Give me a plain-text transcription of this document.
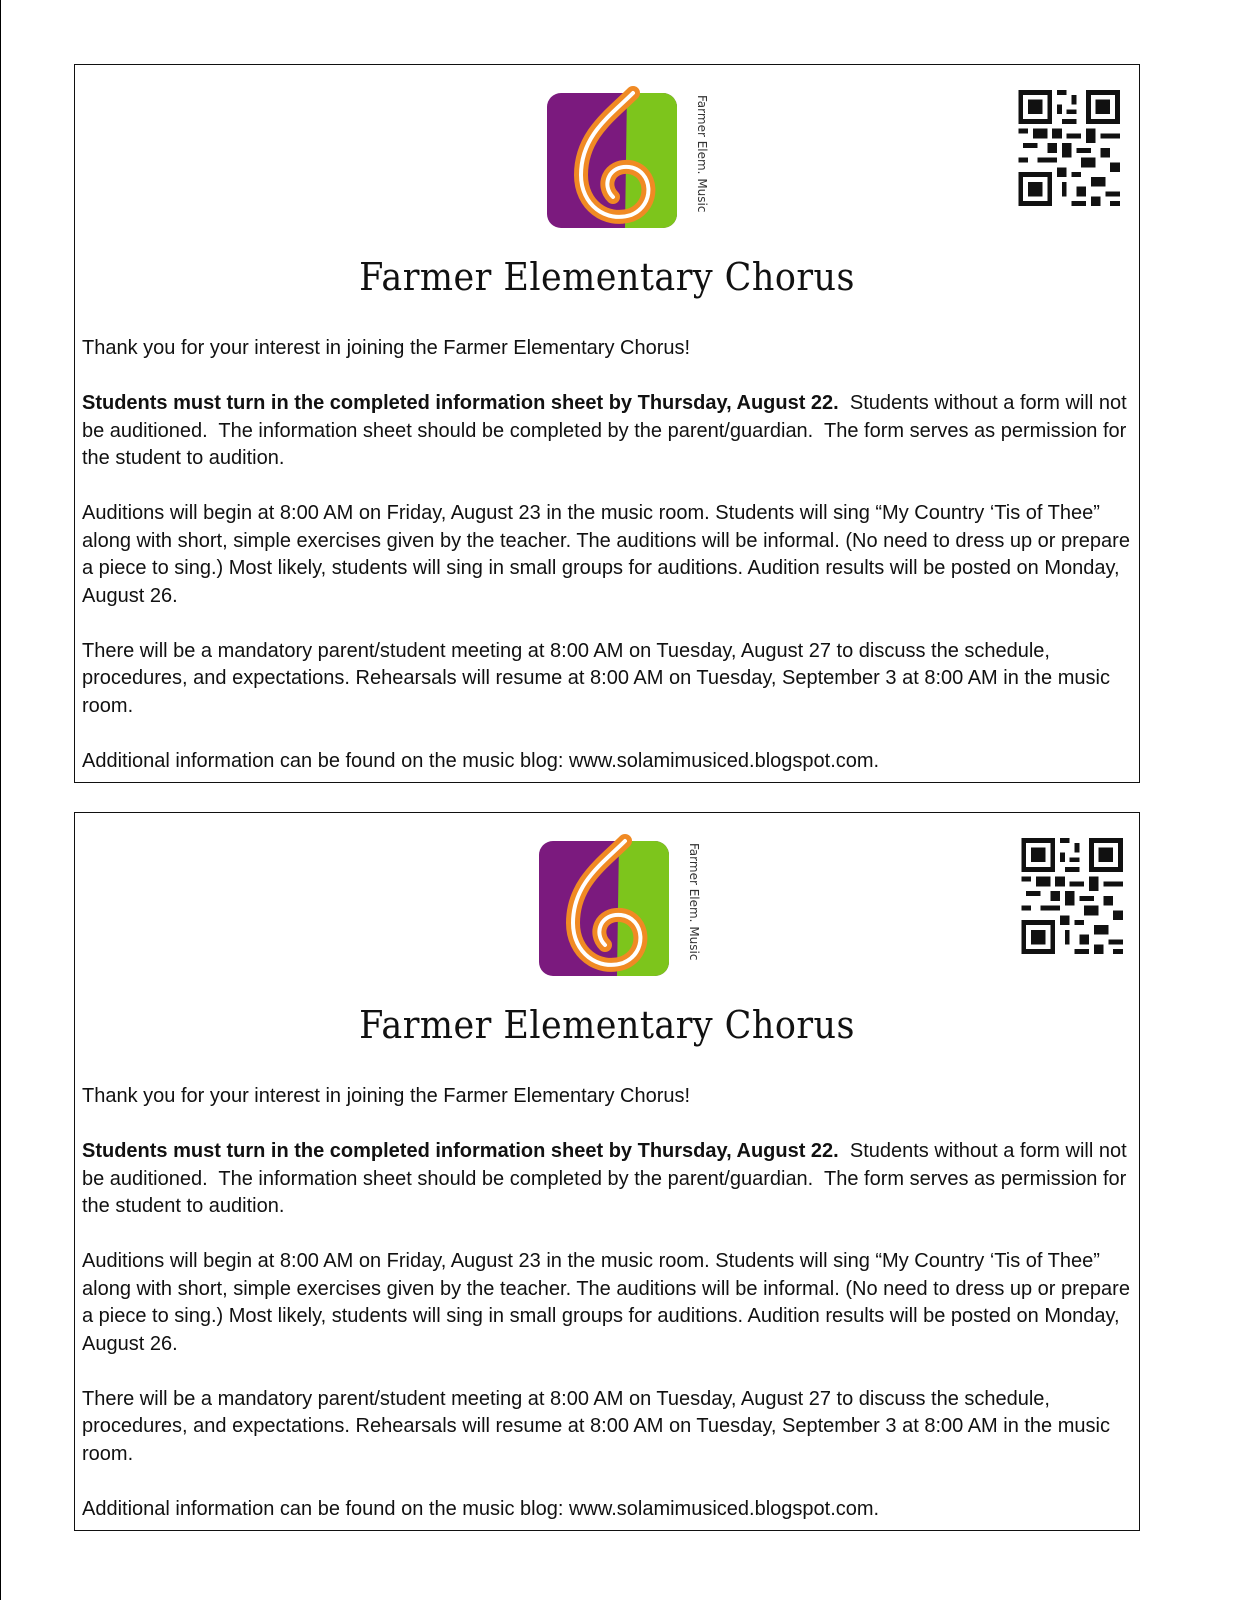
Farmer Elem. Music
Farmer Elementary Chorus

Thank you for your interest in joining the Farmer Elementary Chorus!

Students must turn in the completed information sheet by Thursday, August 22.  Students without a form will not be auditioned.  The information sheet should be completed by the parent/guardian.  The form serves as permission for the student to audition.

Auditions will begin at 8:00 AM on Friday, August 23 in the music room. Students will sing “My Country ‘Tis of Thee” along with short, simple exercises given by the teacher. The auditions will be informal. (No need to dress up or prepare a piece to sing.) Most likely, students will sing in small groups for auditions. Audition results will be posted on Monday, August 26.

There will be a mandatory parent/student meeting at 8:00 AM on Tuesday, August 27 to discuss the schedule, procedures, and expectations. Rehearsals will resume at 8:00 AM on Tuesday, September 3 at 8:00 AM in the music room.

Additional information can be found on the music blog: www.solamimusiced.blogspot.com.

Farmer Elem. Music
Farmer Elementary Chorus

Thank you for your interest in joining the Farmer Elementary Chorus!

Students must turn in the completed information sheet by Thursday, August 22.  Students without a form will not be auditioned.  The information sheet should be completed by the parent/guardian.  The form serves as permission for the student to audition.

Auditions will begin at 8:00 AM on Friday, August 23 in the music room. Students will sing “My Country ‘Tis of Thee” along with short, simple exercises given by the teacher. The auditions will be informal. (No need to dress up or prepare a piece to sing.) Most likely, students will sing in small groups for auditions. Audition results will be posted on Monday, August 26.

There will be a mandatory parent/student meeting at 8:00 AM on Tuesday, August 27 to discuss the schedule, procedures, and expectations. Rehearsals will resume at 8:00 AM on Tuesday, September 3 at 8:00 AM in the music room.

Additional information can be found on the music blog: www.solamimusiced.blogspot.com.
